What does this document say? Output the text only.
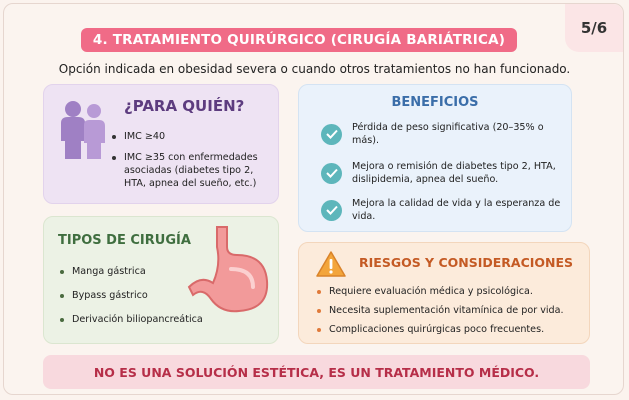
5/6
4. TRATAMIENTO QUIRÚRGICO (CIRUGÍA BARIÁTRICA)
Opción indicada en obesidad severa o cuando otros tratamientos no han funcionado.
¿PARA QUIÉN?
IMC ≥40
IMC ≥35 con enfermedades asociadas (diabetes tipo 2, HTA, apnea del sueño, etc.)
BENEFICIOS
Pérdida de peso significativa (20–35% o más).
Mejora o remisión de diabetes tipo 2, HTA, dislipidemia, apnea del sueño.
Mejora la calidad de vida y la esperanza de vida.
TIPOS DE CIRUGÍA
Manga gástrica
Bypass gástrico
Derivación biliopancreática
RIESGOS Y CONSIDERACIONES
Requiere evaluación médica y psicológica.
Necesita suplementación vitamínica de por vida.
Complicaciones quirúrgicas poco frecuentes.
NO ES UNA SOLUCIÓN ESTÉTICA, ES UN TRATAMIENTO MÉDICO.
